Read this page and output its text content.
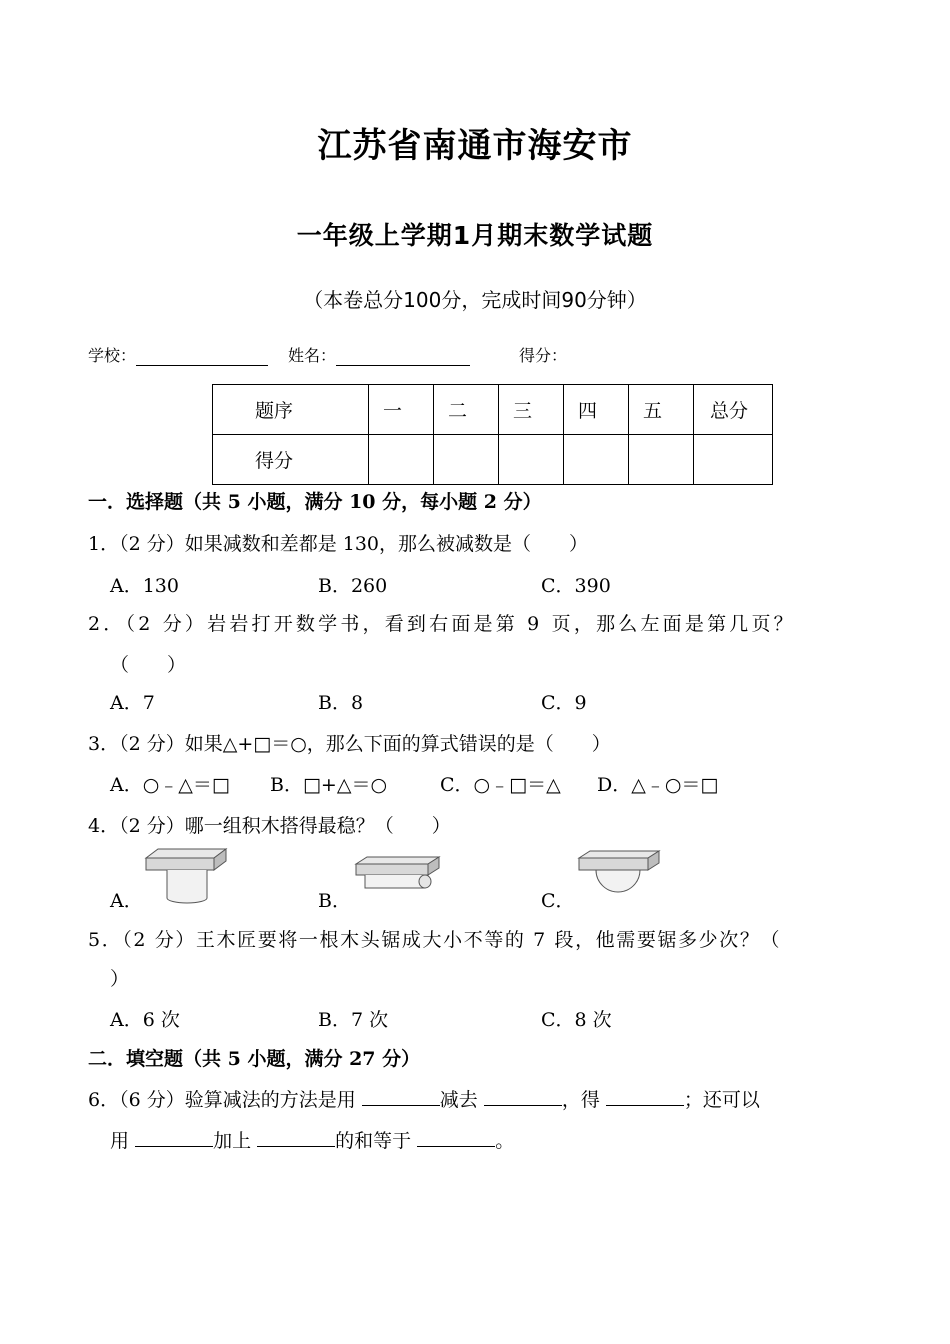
江苏省南通市海安市
一年级上学期1月期末数学试题
（本卷总分100分，完成时间90分钟）
学校：	姓名：	得分：
题序	一	二	三	四	五	总分
得分						
一．选择题（共 5 小题，满分 10 分，每小题 2 分）
1．（2 分）如果减数和差都是 130，那么被减数是（　　）
A．130	B．260	C．390
2．（2 分）岩岩打开数学书，看到右面是第 9 页，那么左面是第几页？
（　　）
A．7	B．8	C．9
3．（2 分）如果△+□＝○，那么下面的算式错误的是（　　）
A．○﹣△＝□ B．□+△＝○	C．○﹣□＝△ D．△﹣○＝□
4．（2 分）哪一组积木搭得最稳？（　　）
A．	B．	C．
5．（2 分）王木匠要将一根木头锯成大小不等的 7 段，他需要锯多少次？（
）
A．6 次	B．7 次	C．8 次
二．填空题（共 5 小题，满分 27 分）
6．（6 分）验算减法的方法是用	减去	，得	；还可以
用	加上	的和等于	。
